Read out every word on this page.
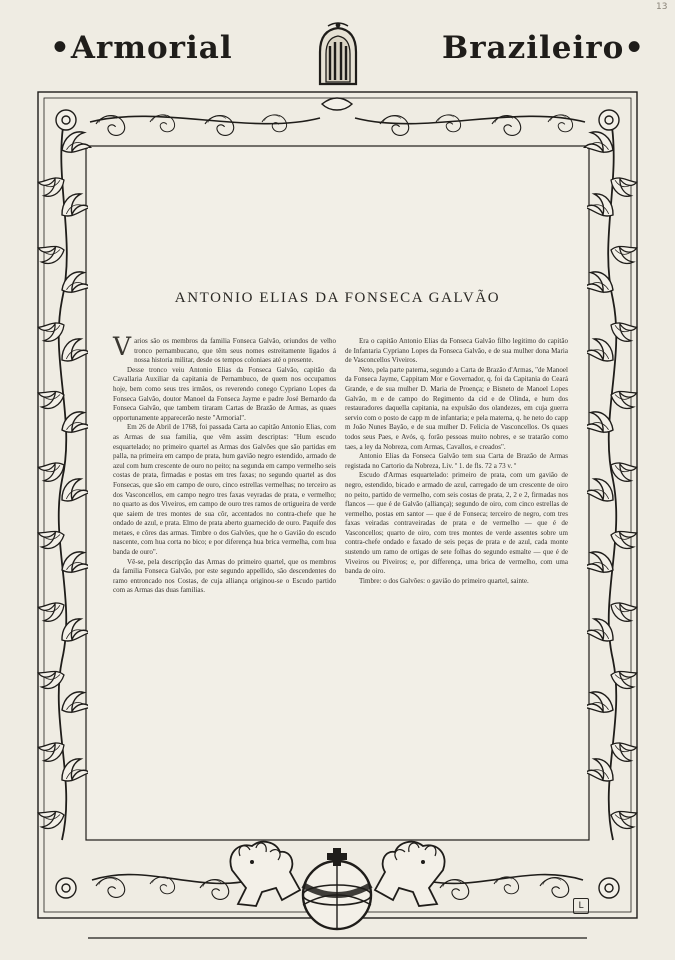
13
•Armorial	Brazileiro•
L
ANTONIO ELIAS DA FONSECA GALVÃO

Varios são os membros da familia Fonseca Galvão, oriundos de velho tronco pernambucano, que têm seus nomes estreitamente ligados á nossa historia militar, desde os tempos coloniaes até o presente.

Desse tronco veiu Antonio Elias da Fonseca Galvão, capitão da Cavallaria Auxiliar da capitania de Pernambuco, de quem nos occupamos hoje, bem como seus tres irmãos, os reverendo conego Cypriano Lopes da Fonseca Galvão, doutor Manoel da Fonseca Jayme e padre José Bernardo da Fonseca Galvão, que tambem tiraram Cartas de Brazão de Armas, as quaes opportunamente apparecerão neste "Armorial".

Em 26 de Abril de 1768, foi passada Carta ao capitão Antonio Elias, com as Armas de sua familia, que vêm assim descriptas: "Hum escudo esquartelado; no primeiro quartel as Armas dos Galvões que são partidas em palla, na primeira em campo de prata, hum gavião negro estendido, armado de azul com hum crescente de ouro no peito; na segunda em campo vermelho seis costas de prata, firmadas e postas em tres faxas; no segundo quartel as dos Fonsecas, que são em campo de ouro, cinco estrellas vermelhas; no terceiro as dos Vasconcellos, em campo negro tres faxas veyradas de prata, e vermelho; no quarto as dos Viveiros, em campo de ouro tres ramos de ortigueira de verde que saiem de tres montes de sua côr, accentados no contra-chefe que he ondado de azul, e prata. Elmo de prata aberto guarnecido de ouro. Paquife dos metaes, e côres das armas. Timbre o dos Galvões, que he o Gavião do escudo nascente, com hua corta no bico; e por diferença hua brica vermelha, com hua banda de ouro".

Vê-se, pela descripção das Armas do primeiro quartel, que os membros da familia Fonseca Galvão, por este segundo appellido, são descendentes do ramo entroncado nos Costas, de cuja alliança originou-se o Escudo partido com as Armas das duas familias.

Era o capitão Antonio Elias da Fonseca Galvão filho legitimo do capitão de Infantaria Cypriano Lopes da Fonseca Galvão, e de sua mulher dona Maria de Vasconcellos Viveiros.

Neto, pela parte paterna, segundo a Carta de Brazão d'Armas, "de Manoel da Fonseca Jayme, Cappitam Mor e Governador, q. foi da Capitania do Ceará Grande, e de sua mulher D. Maria de Proença; e Bisneto de Manoel Lopes Galvão, m e de campo do Regimento da cid e de Olinda, e hum dos restauradores daquella capitania, na expulsão dos olandezes, em cuja guerra servio com o posto de capp m de infantaria; e pela materna, q. he neto do capp m João Nunes Bayão, e de sua mulher D. Felicia de Vasconcellos. Os quaes todos seus Paes, e Avós, q. forão pessoas muito nobres, e se tratarão como taes, a ley da Nobreza, com Armas, Cavallos, e creados".

Antonio Elias da Fonseca Galvão tem sua Carta de Brazão de Armas registada no Cartorio da Nobreza, Liv. º 1. de fls. 72 a 73 v. º

Escudo d'Armas esquartelado: primeiro de prata, com um gavião de negro, estendido, bicado e armado de azul, carregado de um crescente de oiro no peito, partido de vermelho, com seis costas de prata, 2, 2 e 2, firmadas nos flancos — que é de Galvão (alliança); segundo de oiro, com cinco estrellas de vermelho, postas em santor — que é de Fonseca; terceiro de negro, com tres faxas veiradas contraveiradas de prata e de vermelho — que é de Vasconcellos; quarto de oiro, com tres montes de verde assentes sobre um contra-chefe ondado e faxado de seis peças de prata e de azul, cada monte sustendo um ramo de ortigas de sete folhas do segundo esmalte — que é de Viveiros ou Piveiros; e, por differença, uma brica de vermelho, com uma banda de oiro.

Timbre: o dos Galvões: o gavião do primeiro quartel, sainte.
